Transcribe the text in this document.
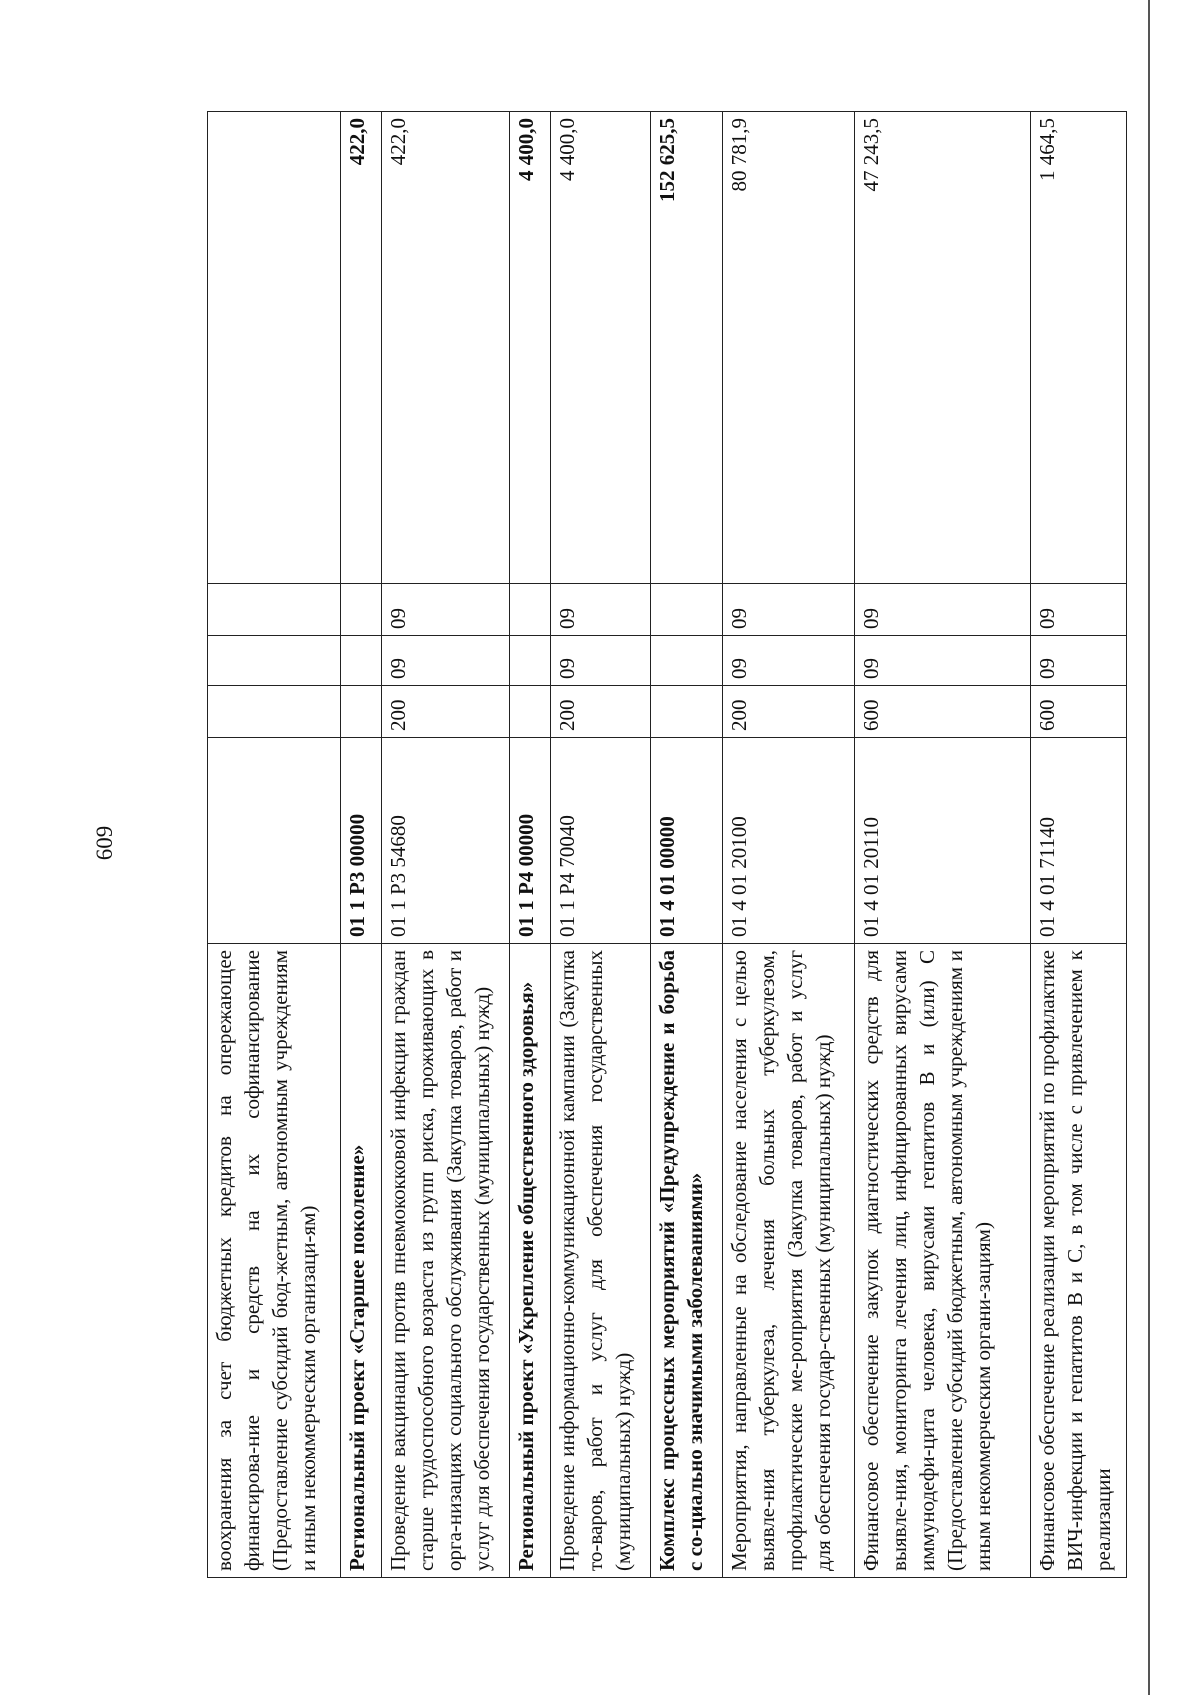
609
воохранения за счет бюджетных кредитов на опережающее финансирова-ние и средств на их софинансирование (Предоставление субсидий бюд-жетным, автономным учреждениям и иным некоммерческим организаци-ям)					
Региональный проект «Старшее поколение»	01 1 Р3 00000				422,0
Проведение вакцинации против пневмококковой инфекции граждан старше трудоспособного возраста из групп риска, проживающих в орга-низациях социального обслуживания (Закупка товаров, работ и услуг для обеспечения государственных (муниципальных) нужд)	01 1 Р3 54680	200	09	09	422,0
Региональный проект «Укрепление общественного здоровья»	01 1 Р4 00000				4 400,0
Проведение информационно-коммуникационной кампании (Закупка то-варов, работ и услуг для обеспечения государственных (муниципальных) нужд)	01 1 Р4 70040	200	09	09	4 400,0
Комплекс процессных мероприятий «Предупреждение и борьба с со-циально значимыми заболеваниями»	01 4 01 00000				152 625,5
Мероприятия, направленные на обследование населения с целью выявле-ния туберкулеза, лечения больных туберкулезом, профилактические ме-роприятия (Закупка товаров, работ и услуг для обеспечения государ-ственных (муниципальных) нужд)	01 4 01 20100	200	09	09	80 781,9
Финансовое обеспечение закупок диагностических средств для выявле-ния, мониторинга лечения лиц, инфицированных вирусами иммунодефи-цита человека, вирусами гепатитов В и (или) С (Предоставление субсидий бюджетным, автономным учреждениям и иным некоммерческим органи-зациям)	01 4 01 20110	600	09	09	47 243,5
Финансовое обеспечение реализации мероприятий по профилактике ВИЧ-инфекции и гепатитов В и С, в том числе с привлечением к реализации	01 4 01 71140	600	09	09	1 464,5
